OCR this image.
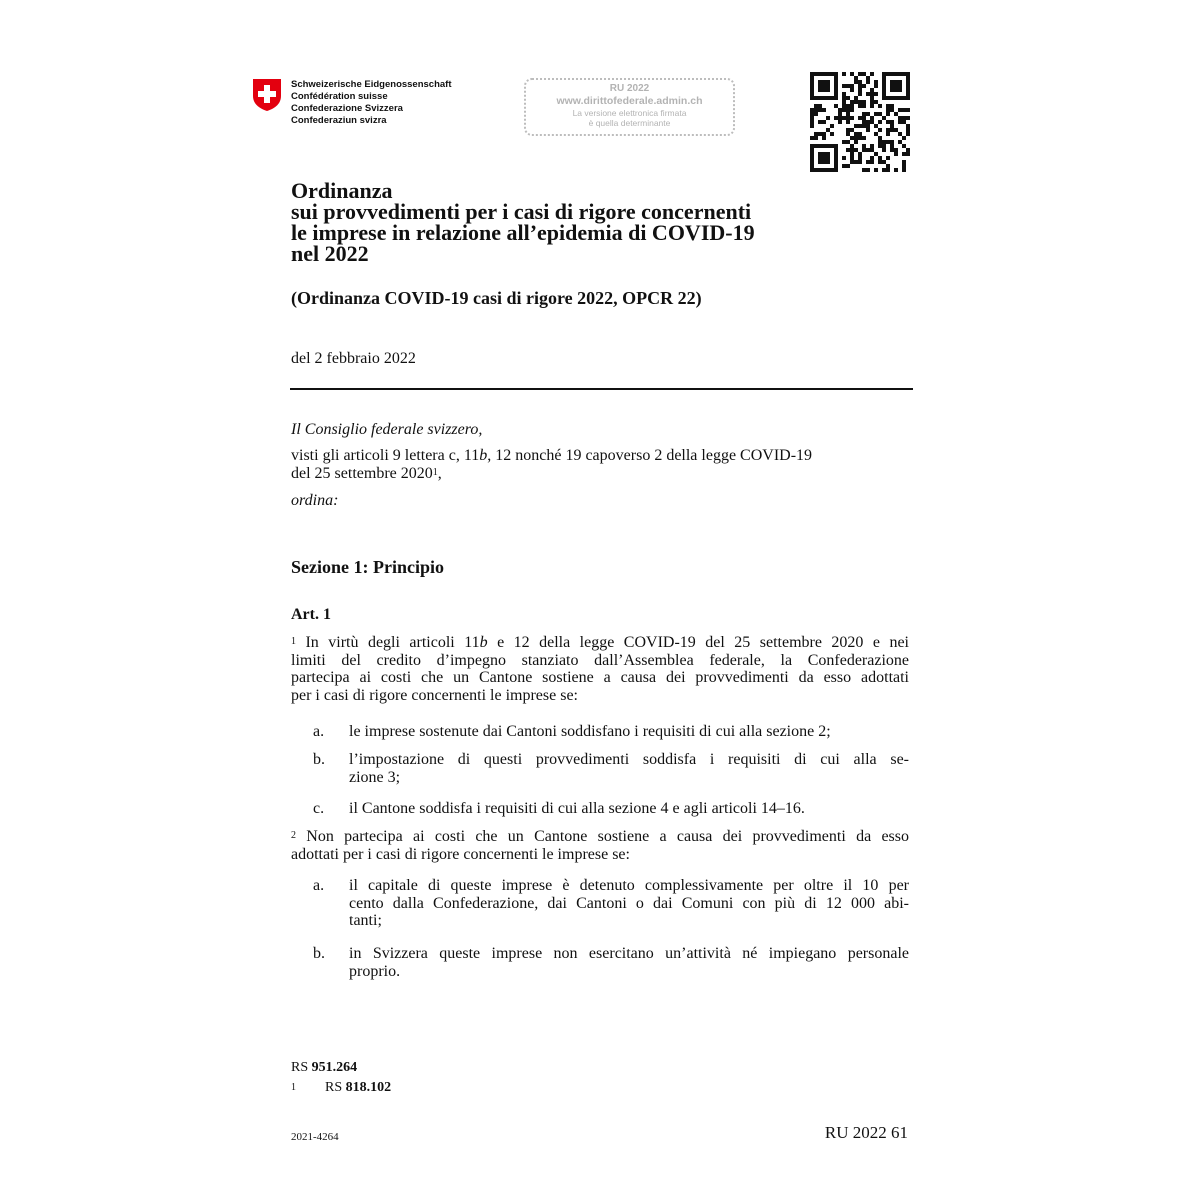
Schweizerische Eidgenossenschaft
Confédération suisse
Confederazione Svizzera
Confederaziun svizra
RU 2022
www.dirittofederale.admin.ch
La versione elettronica firmata
è quella determinante
Ordinanza
sui provvedimenti per i casi di rigore concernenti
le imprese in relazione all’epidemia di COVID-19
nel 2022
(Ordinanza COVID-19 casi di rigore 2022, OPCR 22)
del 2 febbraio 2022
Il Consiglio federale svizzero,
visti gli articoli 9 lettera c, 11b, 12 nonché 19 capoverso 2 della legge COVID-19
del 25 settembre 2020$^1$,
ordina:
Sezione 1: Principio
Art. 1
$^1$ In virtù degli articoli 11b e 12 della legge COVID-19 del 25 settembre 2020 e nei
limiti del credito d’impegno stanziato dall’Assemblea federale, la Confederazione
partecipa ai costi che un Cantone sostiene a causa dei provvedimenti da esso adottati
per i casi di rigore concernenti le imprese se:
a. le imprese sostenute dai Cantoni soddisfano i requisiti di cui alla sezione 2;
b. l’impostazione di questi provvedimenti soddisfa i requisiti di cui alla se-
zione 3;
c. il Cantone soddisfa i requisiti di cui alla sezione 4 e agli articoli 14–16.
$^2$ Non partecipa ai costi che un Cantone sostiene a causa dei provvedimenti da esso
adottati per i casi di rigore concernenti le imprese se:
a. il capitale di queste imprese è detenuto complessivamente per oltre il 10 per
cento dalla Confederazione, dai Cantoni o dai Comuni con più di 12 000 abi-
tanti;
b. in Svizzera queste imprese non esercitano un’attività né impiegano personale
proprio.
RS 951.264
1 RS 818.102
2021-4264	RU 2022 61
